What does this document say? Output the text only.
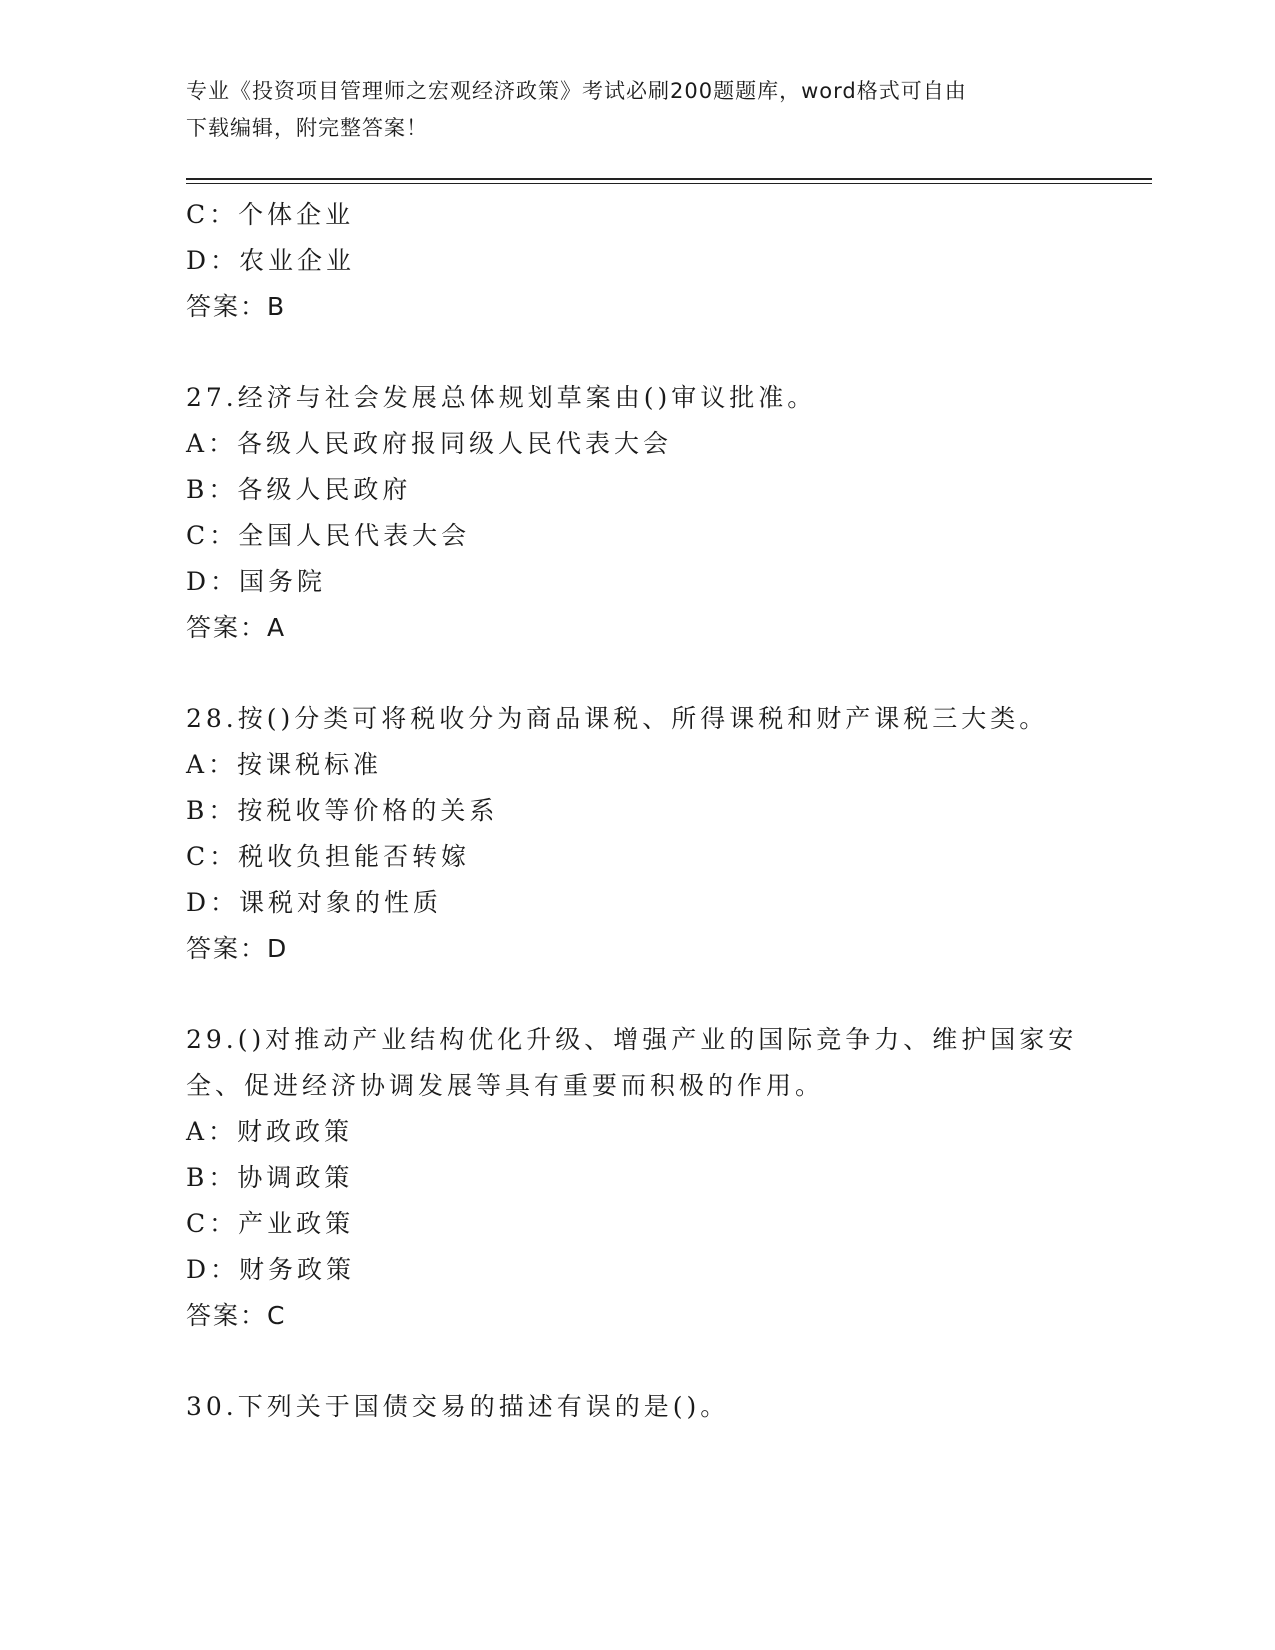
专业《投资项目管理师之宏观经济政策》考试必刷200题题库，word格式可自由
下载编辑，附完整答案！
C：个体企业
D：农业企业
答案：B
27.经济与社会发展总体规划草案由()审议批准。
A：各级人民政府报同级人民代表大会
B：各级人民政府
C：全国人民代表大会
D：国务院
答案：A
28.按()分类可将税收分为商品课税、所得课税和财产课税三大类。
A：按课税标准
B：按税收等价格的关系
C：税收负担能否转嫁
D：课税对象的性质
答案：D
29.()对推动产业结构优化升级、增强产业的国际竞争力、维护国家安
全、促进经济协调发展等具有重要而积极的作用。
A：财政政策
B：协调政策
C：产业政策
D：财务政策
答案：C
30.下列关于国债交易的描述有误的是()。
